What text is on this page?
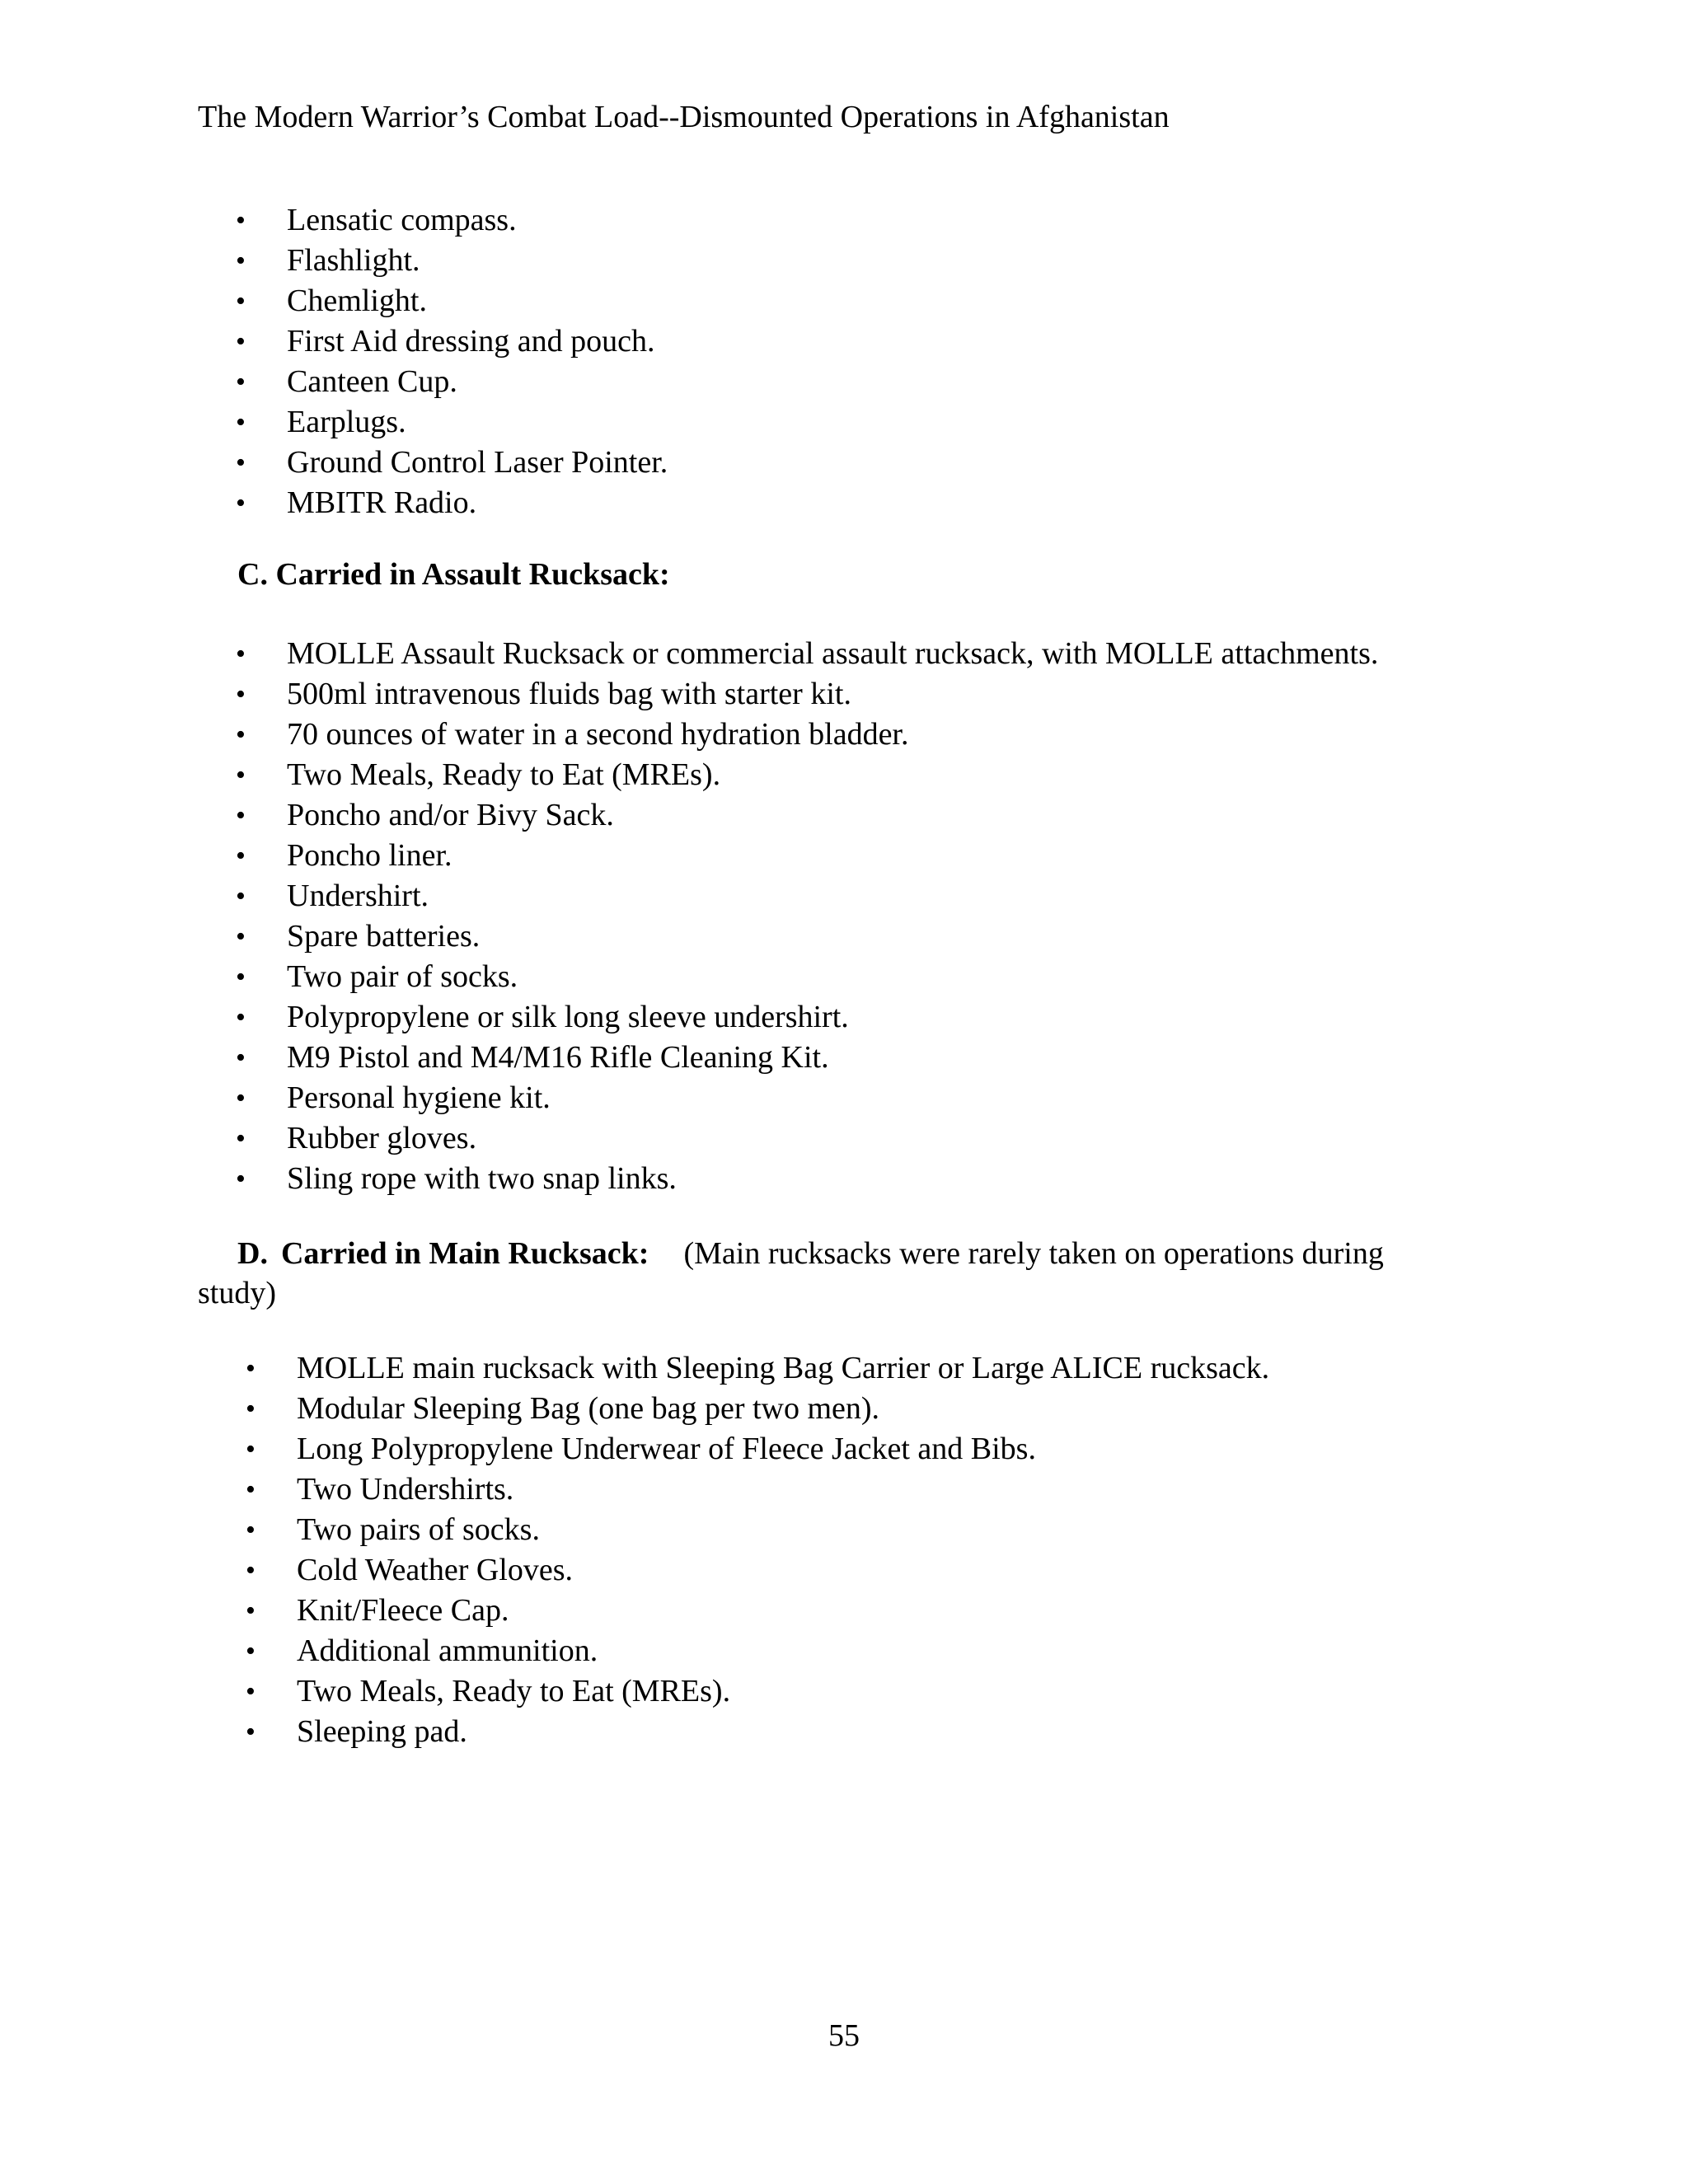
The Modern Warrior’s Combat Load--Dismounted Operations in Afghanistan
• Lensatic compass.
• Flashlight.
• Chemlight.
• First Aid dressing and pouch.
• Canteen Cup.
• Earplugs.
• Ground Control Laser Pointer.
• MBITR Radio.
C. Carried in Assault Rucksack:
• MOLLE Assault Rucksack or commercial assault rucksack, with MOLLE attachments.
• 500ml intravenous fluids bag with starter kit.
• 70 ounces of water in a second hydration bladder.
• Two Meals, Ready to Eat (MREs).
• Poncho and/or Bivy Sack.
• Poncho liner.
• Undershirt.
• Spare batteries.
• Two pair of socks.
• Polypropylene or silk long sleeve undershirt.
• M9 Pistol and M4/M16 Rifle Cleaning Kit.
• Personal hygiene kit.
• Rubber gloves.
• Sling rope with two snap links.
D. Carried in Main Rucksack: (Main rucksacks were rarely taken on operations during
study)
• MOLLE main rucksack with Sleeping Bag Carrier or Large ALICE rucksack.
• Modular Sleeping Bag (one bag per two men).
• Long Polypropylene Underwear of Fleece Jacket and Bibs.
• Two Undershirts.
• Two pairs of socks.
• Cold Weather Gloves.
• Knit/Fleece Cap.
• Additional ammunition.
• Two Meals, Ready to Eat (MREs).
• Sleeping pad.
55
